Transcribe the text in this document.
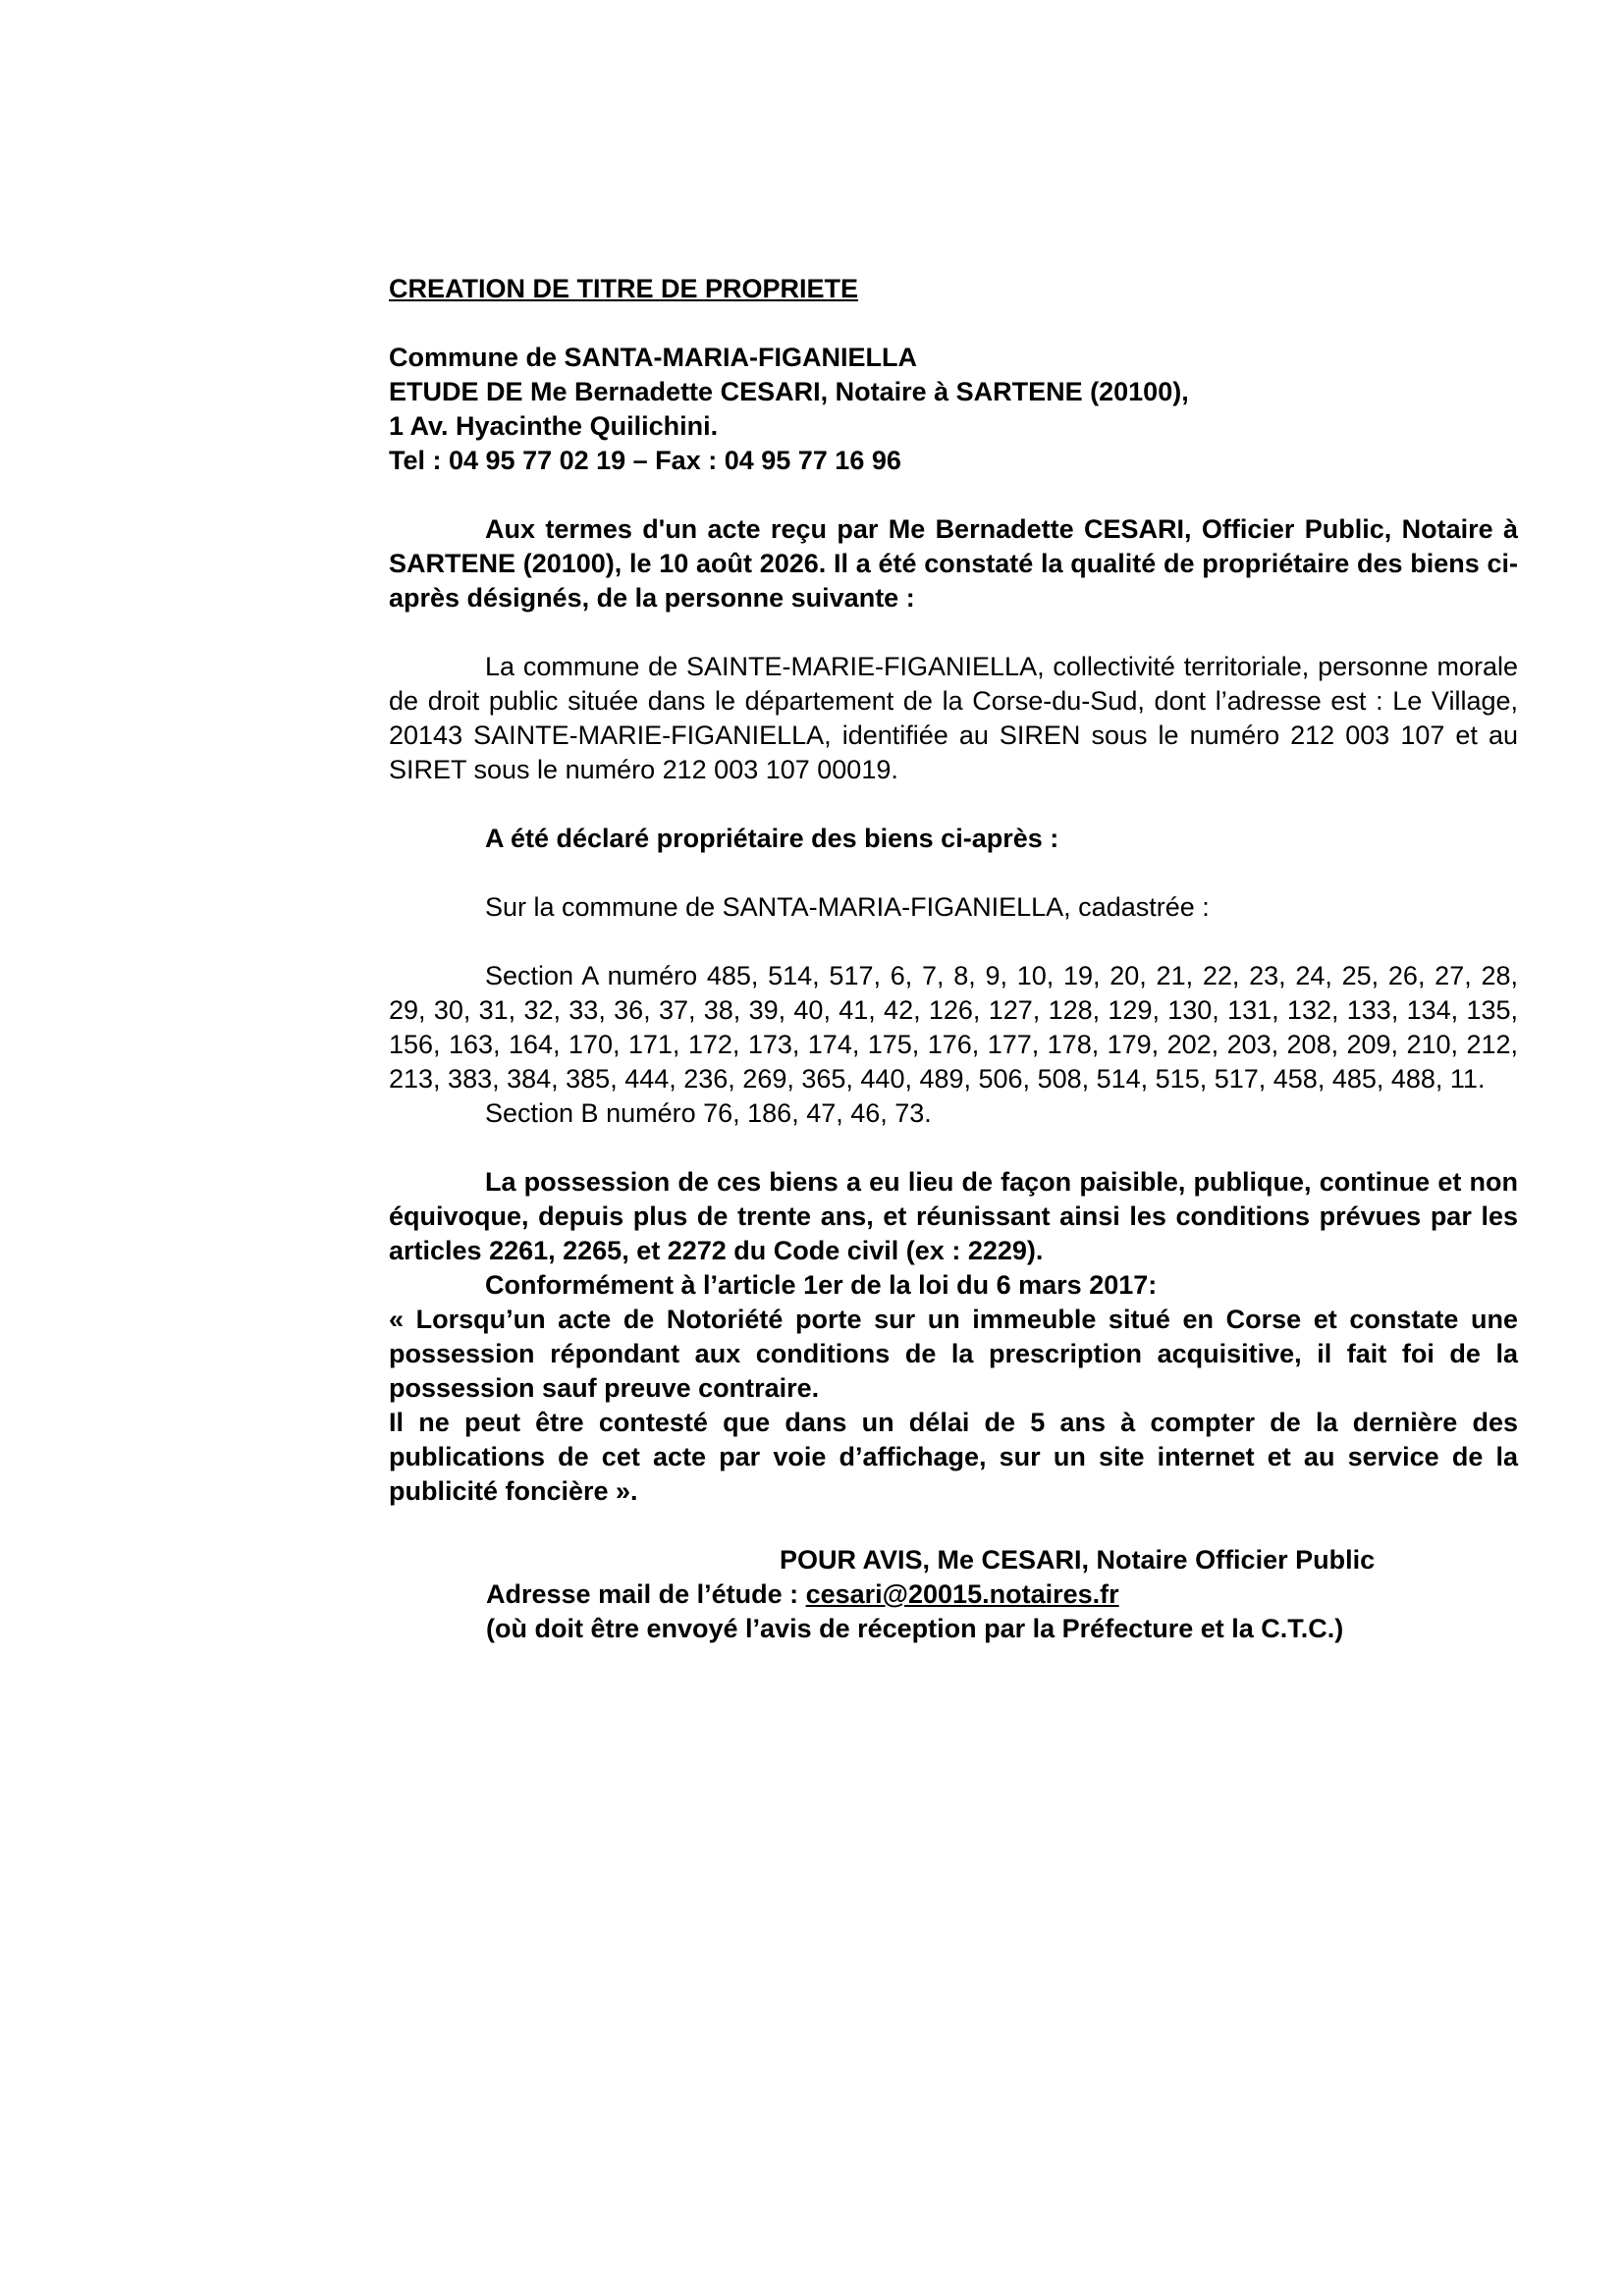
CREATION DE TITRE DE PROPRIETE

Commune de SANTA-MARIA-FIGANIELLA

ETUDE DE Me Bernadette CESARI, Notaire à SARTENE (20100),

1 Av. Hyacinthe Quilichini.

Tel : 04 95 77 02 19 – Fax : 04 95 77 16 96

Aux termes d'un acte reçu par Me Bernadette CESARI, Officier Public, Notaire à SARTENE (20100), le 10 août 2026. Il a été constaté la qualité de propriétaire des biens ci-après désignés, de la personne suivante :

La commune de SAINTE-MARIE-FIGANIELLA, collectivité territoriale, personne morale de droit public située dans le département de la Corse-du-Sud, dont l’adresse est : Le Village, 20143 SAINTE-MARIE-FIGANIELLA, identifiée au SIREN sous le numéro 212 003 107 et au SIRET sous le numéro 212 003 107 00019.

A été déclaré propriétaire des biens ci-après :

Sur la commune de SANTA-MARIA-FIGANIELLA, cadastrée :

Section A numéro 485, 514, 517, 6, 7, 8, 9, 10, 19, 20, 21, 22, 23, 24, 25, 26, 27, 28, 29, 30, 31, 32, 33, 36, 37, 38, 39, 40, 41, 42, 126, 127, 128, 129, 130, 131, 132, 133, 134, 135, 156, 163, 164, 170, 171, 172, 173, 174, 175, 176, 177, 178, 179, 202, 203, 208, 209, 210, 212, 213, 383, 384, 385, 444, 236, 269, 365, 440, 489, 506, 508, 514, 515, 517, 458, 485, 488, 11.

Section B numéro 76, 186, 47, 46, 73.

La possession de ces biens a eu lieu de façon paisible, publique, continue et non équivoque, depuis plus de trente ans, et réunissant ainsi les conditions prévues par les articles 2261, 2265, et 2272 du Code civil (ex : 2229).

Conformément à l’article 1er de la loi du 6 mars 2017:

« Lorsqu’un acte de Notoriété porte sur un immeuble situé en Corse et constate une possession répondant aux conditions de la prescription acquisitive, il fait foi de la possession sauf preuve contraire.

Il ne peut être contesté que dans un délai de 5 ans à compter de la dernière des publications de cet acte par voie d’affichage, sur un site internet et au service de la publicité foncière ».

POUR AVIS, Me CESARI, Notaire Officier Public

Adresse mail de l’étude : cesari@20015.notaires.fr

(où doit être envoyé l’avis de réception par la Préfecture et la C.T.C.)
